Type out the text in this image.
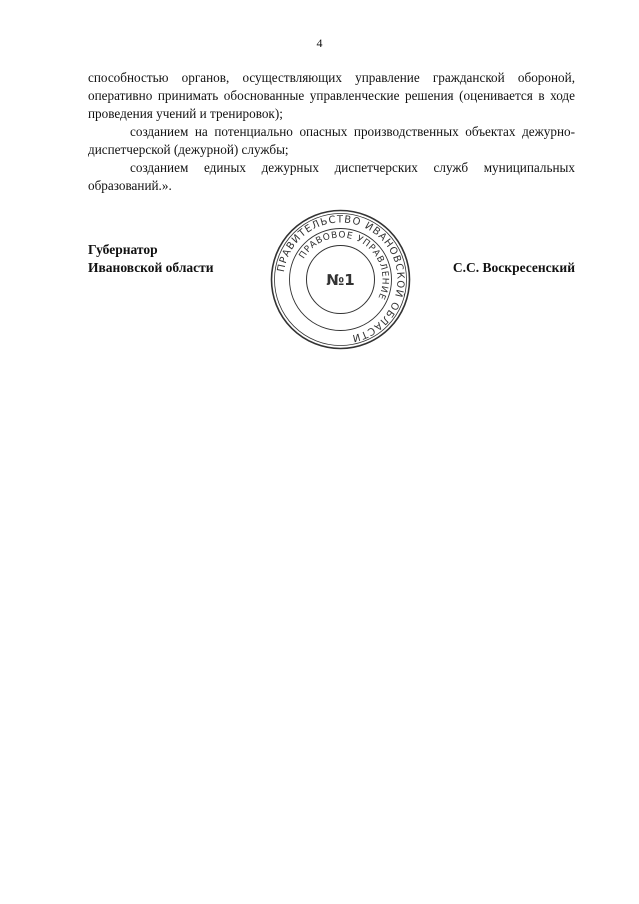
4

способностью органов, осуществляющих управление гражданской обороной, оперативно принимать обоснованные управленческие решения (оценивается в ходе проведения учений и тренировок);

созданием на потенциально опасных производственных объектах дежурно-диспетчерской (дежурной) службы;

созданием единых дежурных диспетчерских служб муниципальных образований.».

Губернатор
Ивановской области	ПРАВИТЕЛЬСТВО ИВАНОВСКОЙ ОБЛАСТИ
ПРАВОВОЕ УПРАВЛЕНИЕ
№1
С.С. Воскресенский
